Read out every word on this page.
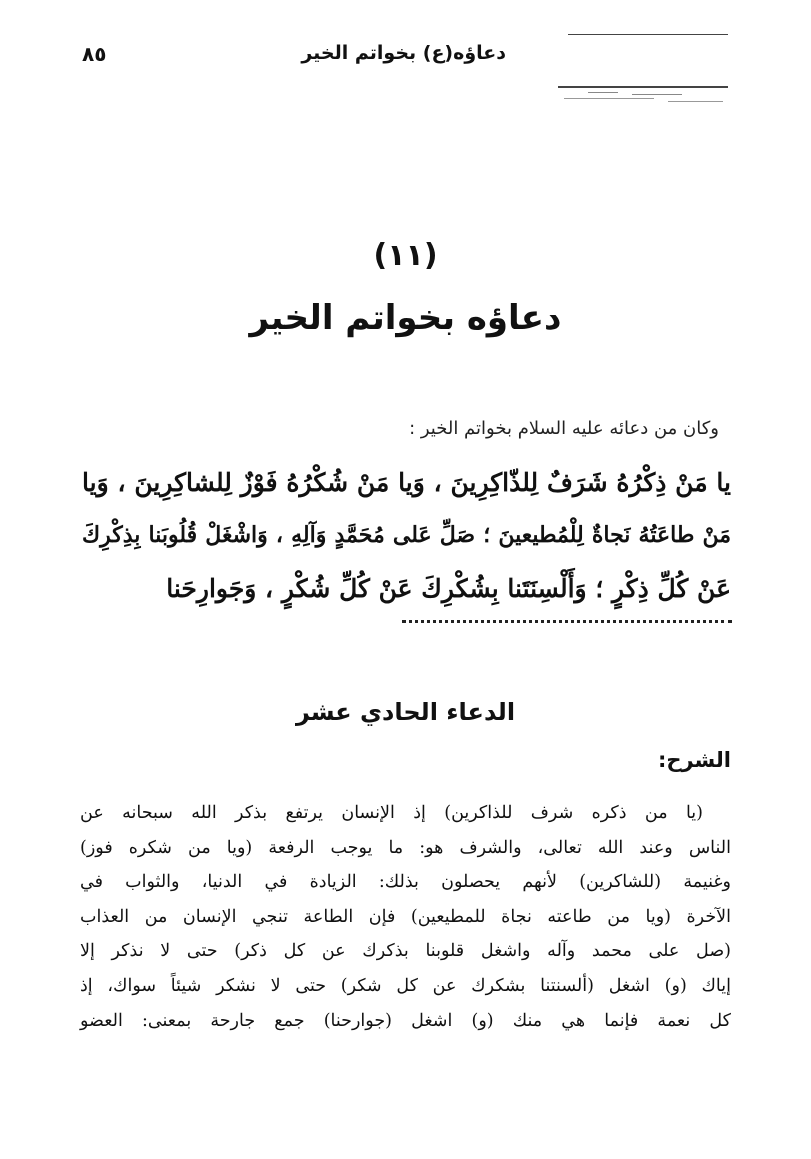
٨٥	دعاؤه(ع) بخواتم الخير
(١١)
دعاؤه بخواتم الخير
وكان من دعائه عليه السلام بخواتم الخير :
يا مَنْ ذِكْرُهُ شَرَفٌ لِلذّاكِرِينَ ، وَيا مَنْ شُكْرُهُ فَوْزٌ لِلشاكِرِينَ ، وَيا
مَنْ طاعَتُهُ نَجاةٌ لِلْمُطيعينَ ؛ صَلِّ عَلى مُحَمَّدٍ وَآلِهِ ، وَاشْغَلْ قُلُوبَنا بِذِكْرِكَ
عَنْ كُلِّ ذِكْرٍ ؛ وَأَلْسِنَتَنا بِشُكْرِكَ عَنْ كُلِّ شُكْرٍ ، وَجَوارِحَنا
الدعاء الحادي عشر
الشرح:
(يا من ذكره شرف للذاكرين) إذ الإنسان يرتفع بذكر الله سبحانه عن
الناس وعند الله تعالى، والشرف هو: ما يوجب الرفعة (ويا من شكره فوز)
وغنيمة (للشاكرين) لأنهم يحصلون بذلك: الزيادة في الدنيا، والثواب في
الآخرة (ويا من طاعته نجاة للمطيعين) فإن الطاعة تنجي الإنسان من العذاب
(صل على محمد وآله واشغل قلوبنا بذكرك عن كل ذكر) حتى لا نذكر إلا
إياك (و) اشغل (ألسنتنا بشكرك عن كل شكر) حتى لا نشكر شيئاً سواك، إذ
كل نعمة فإنما هي منك (و) اشغل (جوارحنا) جمع جارحة بمعنى: العضو
